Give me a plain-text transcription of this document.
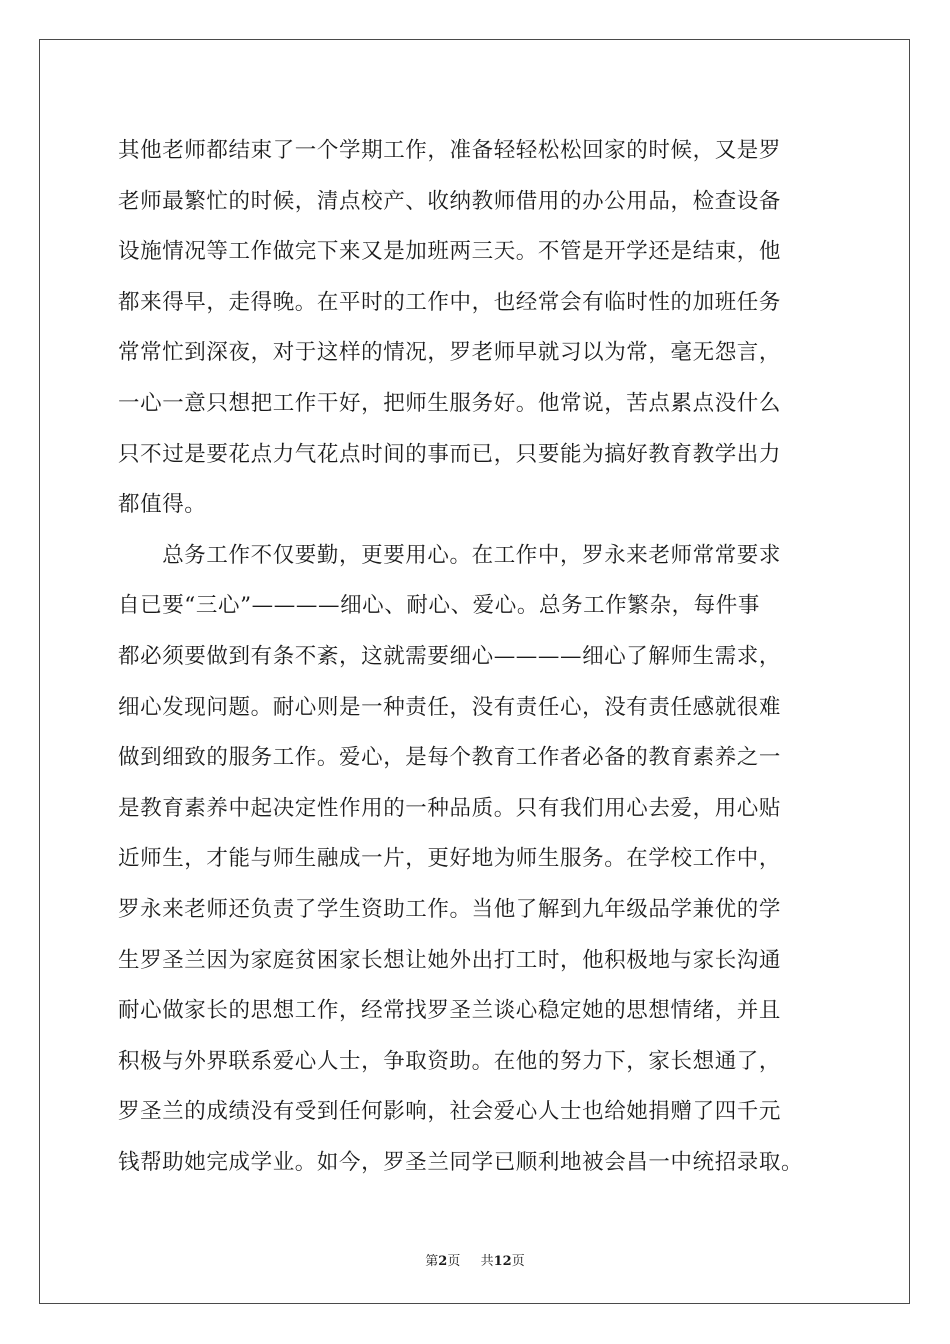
其他老师都结束了一个学期工作，准备轻轻松松回家的时候，又是罗
老师最繁忙的时候，清点校产、收纳教师借用的办公用品，检查设备
设施情况等工作做完下来又是加班两三天。不管是开学还是结束，他
都来得早，走得晚。在平时的工作中，也经常会有临时性的加班任务
常常忙到深夜，对于这样的情况，罗老师早就习以为常，毫无怨言，
一心一意只想把工作干好，把师生服务好。他常说，苦点累点没什么
只不过是要花点力气花点时间的事而已，只要能为搞好教育教学出力
都值得。
　　总务工作不仅要勤，更要用心。在工作中，罗永来老师常常要求
自已要“三心”————细心、耐心、爱心。总务工作繁杂，每件事
都必须要做到有条不紊，这就需要细心————细心了解师生需求，
细心发现问题。耐心则是一种责任，没有责任心，没有责任感就很难
做到细致的服务工作。爱心，是每个教育工作者必备的教育素养之一
是教育素养中起决定性作用的一种品质。只有我们用心去爱，用心贴
近师生，才能与师生融成一片，更好地为师生服务。在学校工作中，
罗永来老师还负责了学生资助工作。当他了解到九年级品学兼优的学
生罗圣兰因为家庭贫困家长想让她外出打工时，他积极地与家长沟通
耐心做家长的思想工作，经常找罗圣兰谈心稳定她的思想情绪，并且
积极与外界联系爱心人士，争取资助。在他的努力下，家长想通了，
罗圣兰的成绩没有受到任何影响，社会爱心人士也给她捐赠了四千元
钱帮助她完成学业。如今，罗圣兰同学已顺利地被会昌一中统招录取。
第2页 共12页
